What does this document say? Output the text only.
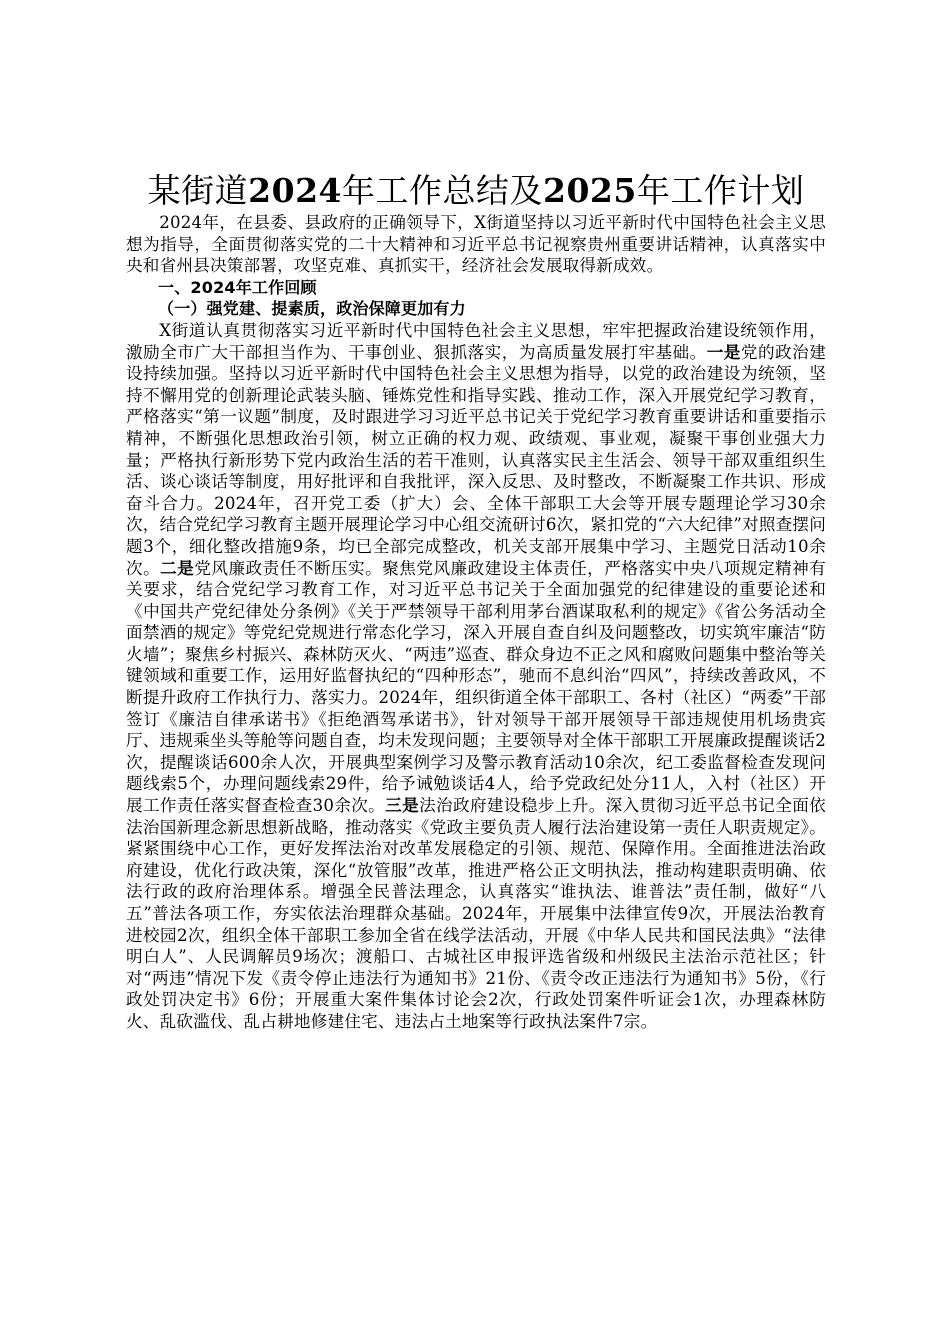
某街道2024年工作总结及2025年工作计划

2024年，在县委、县政府的正确领导下，X街道坚持以习近平新时代中国特色社会主义思想为指导，全面贯彻落实党的二十大精神和习近平总书记视察贵州重要讲话精神，认真落实中央和省州县决策部署，攻坚克难、真抓实干，经济社会发展取得新成效。

一、2024年工作回顾

（一）强党建、提素质，政治保障更加有力

X街道认真贯彻落实习近平新时代中国特色社会主义思想，牢牢把握政治建设统领作用，激励全市广大干部担当作为、干事创业、狠抓落实，为高质量发展打牢基础。一是党的政治建设持续加强。坚持以习近平新时代中国特色社会主义思想为指导，以党的政治建设为统领，坚持不懈用党的创新理论武装头脑、锤炼党性和指导实践、推动工作，深入开展党纪学习教育，严格落实“第一议题”制度，及时跟进学习习近平总书记关于党纪学习教育重要讲话和重要指示精神，不断强化思想政治引领，树立正确的权力观、政绩观、事业观，凝聚干事创业强大力量；严格执行新形势下党内政治生活的若干准则，认真落实民主生活会、领导干部双重组织生活、谈心谈话等制度，用好批评和自我批评，深入反思、及时整改，不断凝聚工作共识、形成奋斗合力。2024年，召开党工委（扩大）会、全体干部职工大会等开展专题理论学习30余次，结合党纪学习教育主题开展理论学习中心组交流研讨6次，紧扣党的“六大纪律”对照查摆问题3个，细化整改措施9条，均已全部完成整改，机关支部开展集中学习、主题党日活动10余次。二是党风廉政责任不断压实。聚焦党风廉政建设主体责任，严格落实中央八项规定精神有关要求，结合党纪学习教育工作，对习近平总书记关于全面加强党的纪律建设的重要论述和《中国共产党纪律处分条例》《关于严禁领导干部利用茅台酒谋取私利的规定》《省公务活动全面禁酒的规定》等党纪党规进行常态化学习，深入开展自查自纠及问题整改，切实筑牢廉洁“防火墙”；聚焦乡村振兴、森林防灭火、“两违”巡查、群众身边不正之风和腐败问题集中整治等关键领域和重要工作，运用好监督执纪的“四种形态”，驰而不息纠治“四风”，持续改善政风，不断提升政府工作执行力、落实力。2024年，组织街道全体干部职工、各村（社区）“两委”干部签订《廉洁自律承诺书》《拒绝酒驾承诺书》，针对领导干部开展领导干部违规使用机场贵宾厅、违规乘坐头等舱等问题自查，均未发现问题；主要领导对全体干部职工开展廉政提醒谈话2次，提醒谈话600余人次，开展典型案例学习及警示教育活动10余次，纪工委监督检查发现问题线索5个，办理问题线索29件，给予诫勉谈话4人，给予党政纪处分11人，入村（社区）开展工作责任落实督查检查30余次。三是法治政府建设稳步上升。深入贯彻习近平总书记全面依法治国新理念新思想新战略，推动落实《党政主要负责人履行法治建设第一责任人职责规定》。紧紧围绕中心工作，更好发挥法治对改革发展稳定的引领、规范、保障作用。全面推进法治政府建设，优化行政决策，深化“放管服”改革，推进严格公正文明执法，推动构建职责明确、依法行政的政府治理体系。增强全民普法理念，认真落实“谁执法、谁普法”责任制，做好“八五”普法各项工作，夯实依法治理群众基础。2024年，开展集中法律宣传9次，开展法治教育进校园2次，组织全体干部职工参加全省在线学法活动，开展《中华人民共和国民法典》“法律明白人”、人民调解员9场次；渡船口、古城社区申报评选省级和州级民主法治示范社区；针对“两违”情况下发《责令停止违法行为通知书》21份、《责令改正违法行为通知书》5份，《行政处罚决定书》6份；开展重大案件集体讨论会2次，行政处罚案件听证会1次，办理森林防火、乱砍滥伐、乱占耕地修建住宅、违法占土地案等行政执法案件7宗。
